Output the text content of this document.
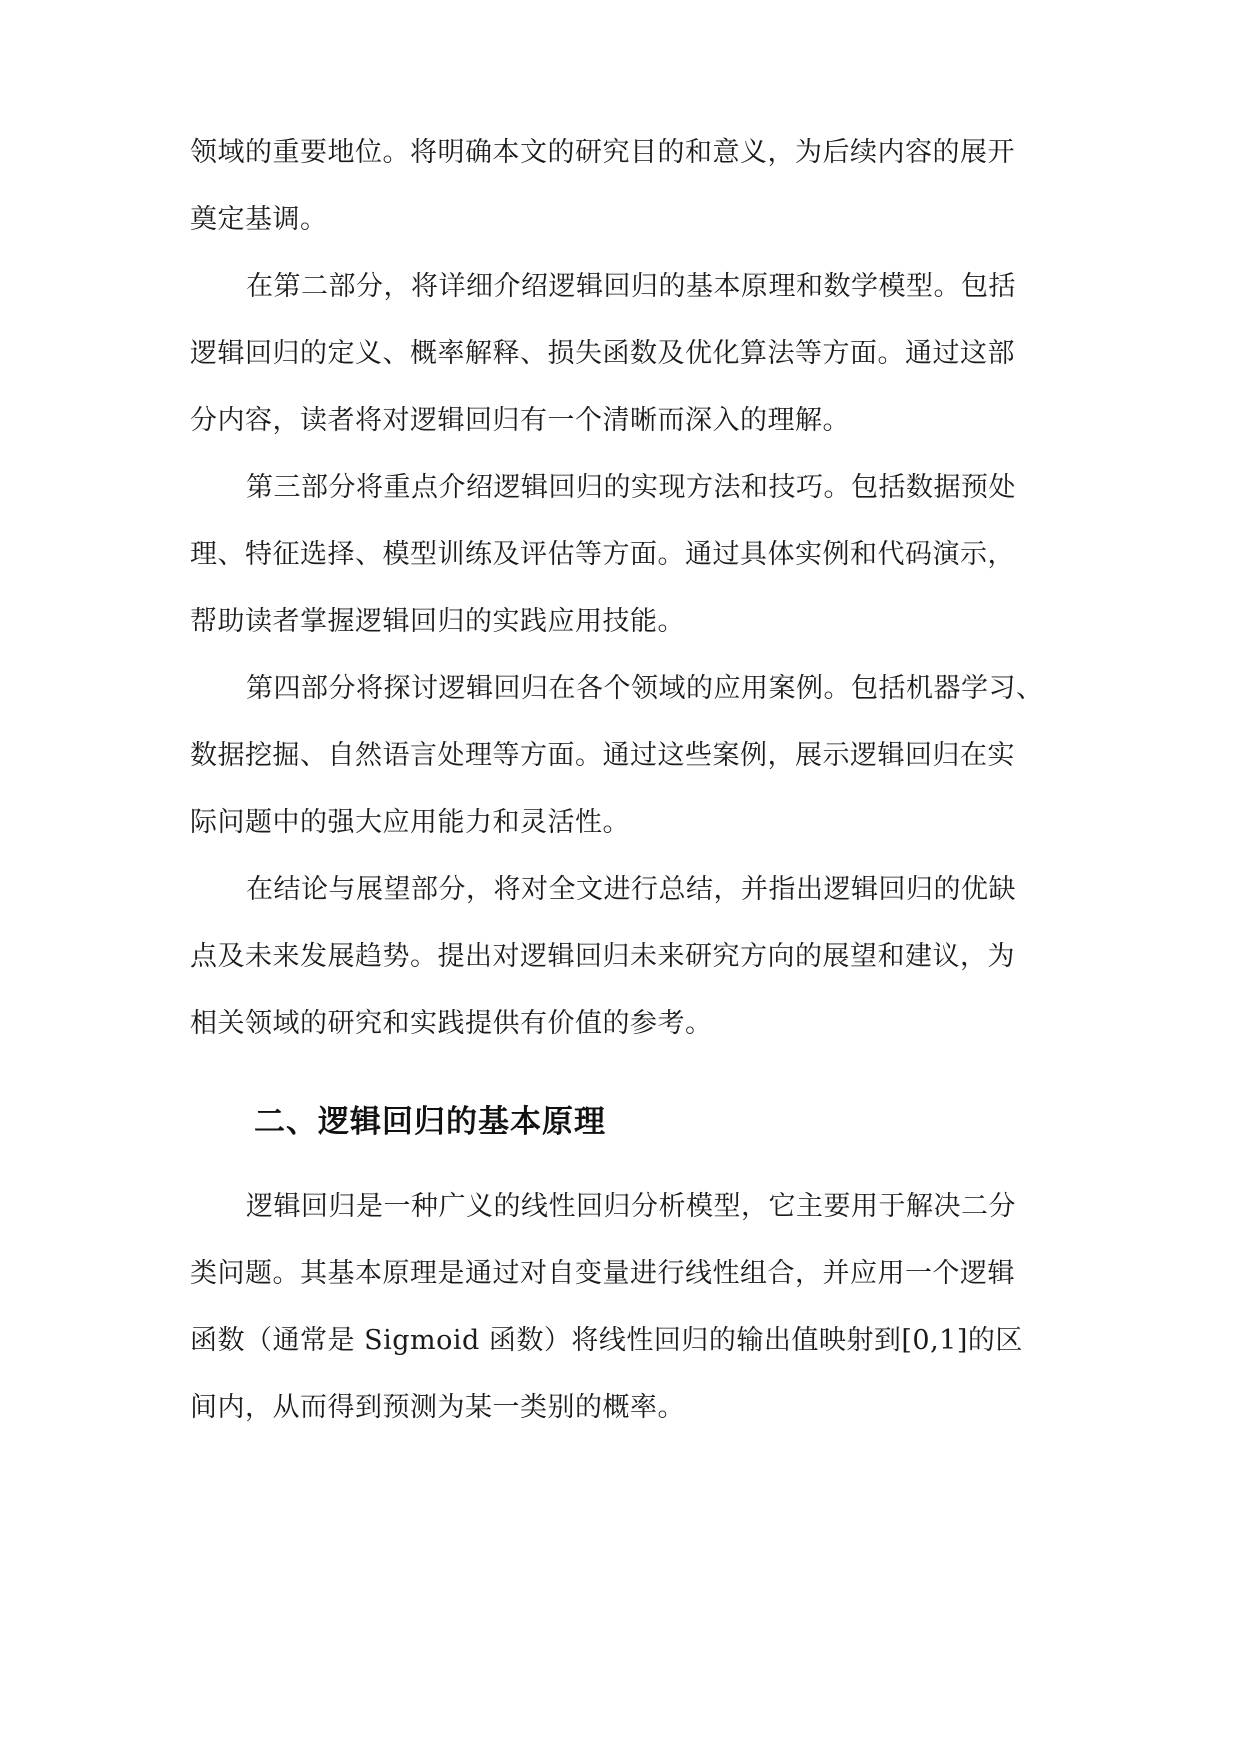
领域的重要地位。将明确本文的研究目的和意义，为后续内容的展开
奠定基调。
在第二部分，将详细介绍逻辑回归的基本原理和数学模型。包括
逻辑回归的定义、概率解释、损失函数及优化算法等方面。通过这部
分内容，读者将对逻辑回归有一个清晰而深入的理解。
第三部分将重点介绍逻辑回归的实现方法和技巧。包括数据预处
理、特征选择、模型训练及评估等方面。通过具体实例和代码演示，
帮助读者掌握逻辑回归的实践应用技能。
第四部分将探讨逻辑回归在各个领域的应用案例。包括机器学习、
数据挖掘、自然语言处理等方面。通过这些案例，展示逻辑回归在实
际问题中的强大应用能力和灵活性。
在结论与展望部分，将对全文进行总结，并指出逻辑回归的优缺
点及未来发展趋势。提出对逻辑回归未来研究方向的展望和建议，为
相关领域的研究和实践提供有价值的参考。
二、逻辑回归的基本原理
逻辑回归是一种广义的线性回归分析模型，它主要用于解决二分
类问题。其基本原理是通过对自变量进行线性组合，并应用一个逻辑
函数（通常是 Sigmoid 函数）将线性回归的输出值映射到[0,1]的区
间内，从而得到预测为某一类别的概率。
